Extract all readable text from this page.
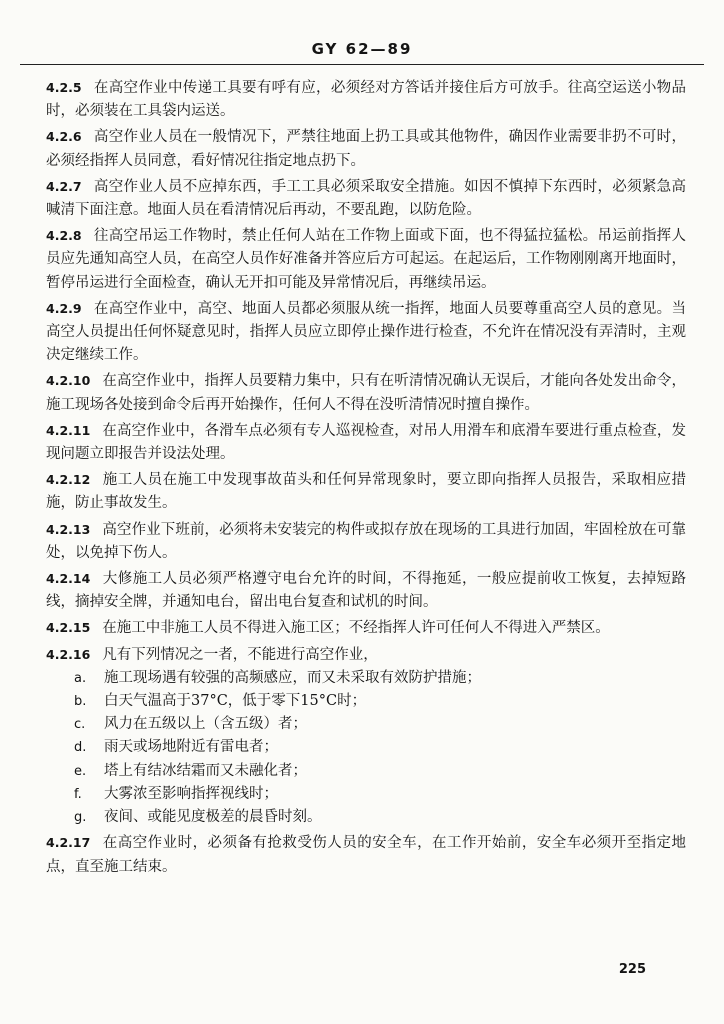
GY 62—89
4.2.5 在高空作业中传递工具要有呼有应，必须经对方答话并接住后方可放手。往高空运送小物品时，必须装在工具袋内运送。
4.2.6 高空作业人员在一般情况下，严禁往地面上扔工具或其他物件，确因作业需要非扔不可时，必须经指挥人员同意，看好情况往指定地点扔下。
4.2.7 高空作业人员不应掉东西，手工工具必须采取安全措施。如因不慎掉下东西时，必须紧急高喊清下面注意。地面人员在看清情况后再动，不要乱跑，以防危险。
4.2.8 往高空吊运工作物时，禁止任何人站在工作物上面或下面，也不得猛拉猛松。吊运前指挥人员应先通知高空人员，在高空人员作好准备并答应后方可起运。在起运后，工作物刚刚离开地面时，暂停吊运进行全面检查，确认无开扣可能及异常情况后，再继续吊运。
4.2.9 在高空作业中，高空、地面人员都必须服从统一指挥，地面人员要尊重高空人员的意见。当高空人员提出任何怀疑意见时，指挥人员应立即停止操作进行检查，不允许在情况没有弄清时，主观决定继续工作。
4.2.10 在高空作业中，指挥人员要精力集中，只有在听清情况确认无误后，才能向各处发出命令，施工现场各处接到命令后再开始操作，任何人不得在没听清情况时擅自操作。
4.2.11 在高空作业中，各滑车点必须有专人巡视检查，对吊人用滑车和底滑车要进行重点检查，发现问题立即报告并设法处理。
4.2.12 施工人员在施工中发现事故苗头和任何异常现象时，要立即向指挥人员报告，采取相应措施，防止事故发生。
4.2.13 高空作业下班前，必须将未安装完的构件或拟存放在现场的工具进行加固，牢固栓放在可靠处，以免掉下伤人。
4.2.14 大修施工人员必须严格遵守电台允许的时间，不得拖延，一般应提前收工恢复，去掉短路线，摘掉安全牌，并通知电台，留出电台复查和试机的时间。
4.2.15 在施工中非施工人员不得进入施工区；不经指挥人许可任何人不得进入严禁区。
4.2.16 凡有下列情况之一者，不能进行高空作业，
a. 施工现场遇有较强的高频感应，而又未采取有效防护措施；
b. 白天气温高于37°C，低于零下15°C时；
c. 风力在五级以上（含五级）者；
d. 雨天或场地附近有雷电者；
e. 塔上有结冰结霜而又未融化者；
f. 大雾浓至影响指挥视线时；
g. 夜间、或能见度极差的晨昏时刻。
4.2.17 在高空作业时，必须备有抢救受伤人员的安全车，在工作开始前，安全车必须开至指定地点，直至施工结束。
225
